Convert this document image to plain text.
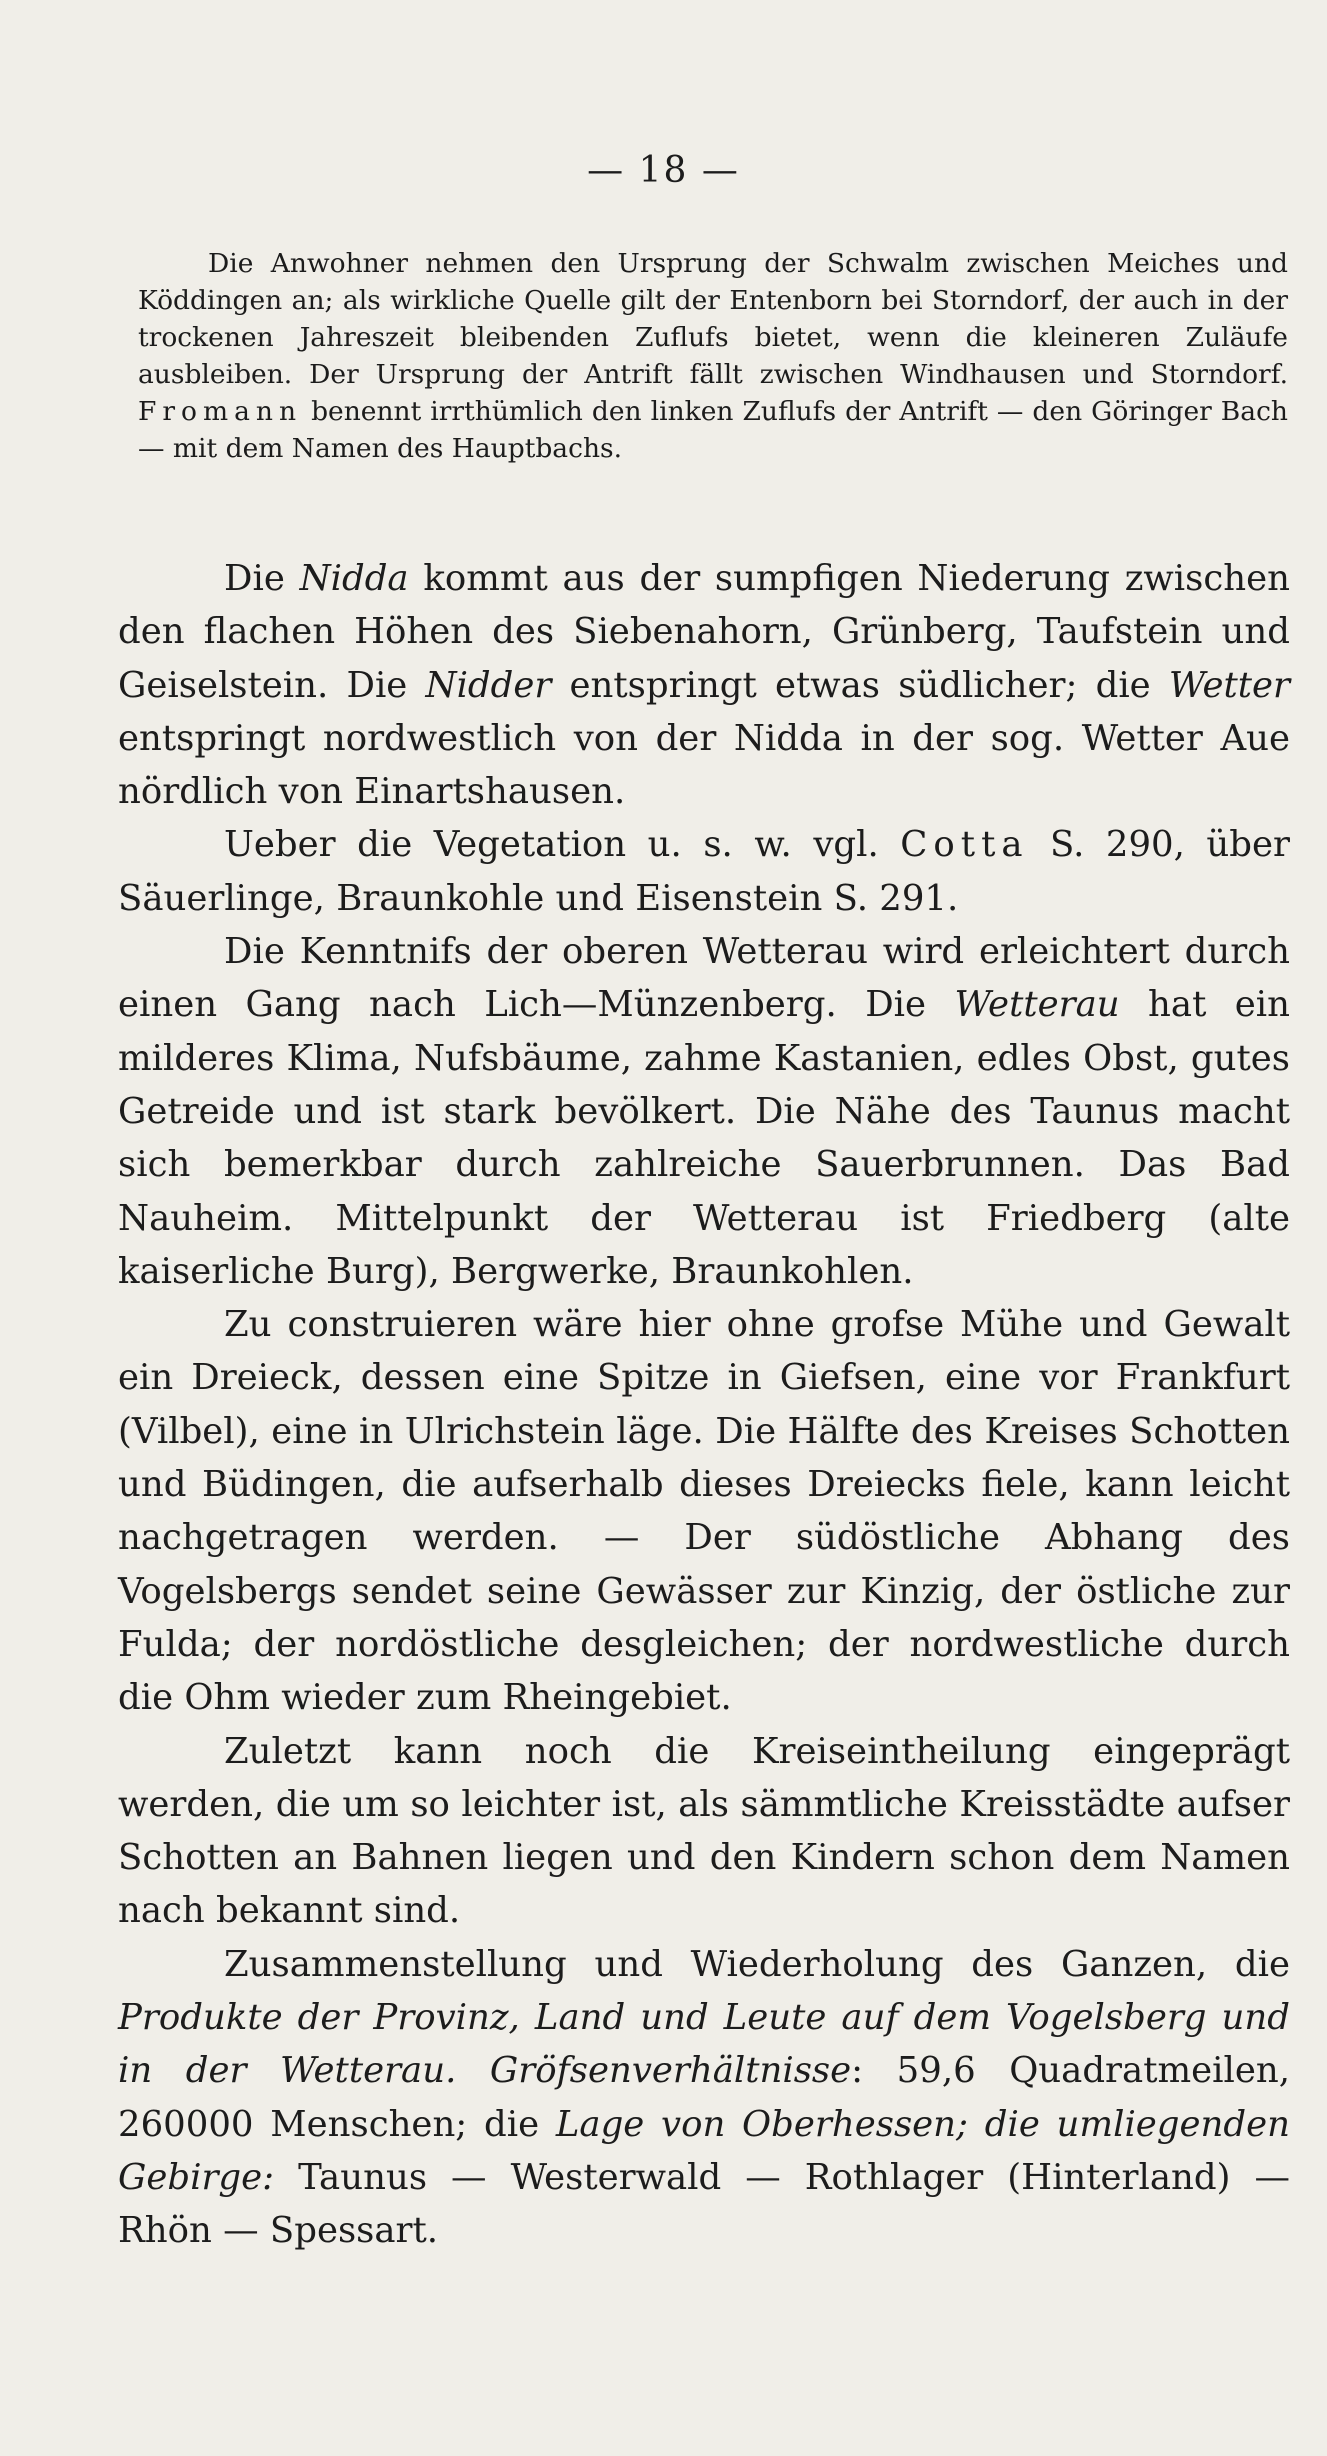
— 18 —

Die Anwohner nehmen den Ursprung der Schwalm zwischen Meiches und Köddingen an; als wirkliche Quelle gilt der Entenborn bei Storndorf, der auch in der trockenen Jahreszeit bleibenden Zuflufs bietet, wenn die kleineren Zuläufe ausbleiben. Der Ursprung der Antrift fällt zwischen Windhausen und Storndorf. Fromann benennt irrthümlich den linken Zuflufs der Antrift — den Göringer Bach — mit dem Namen des Hauptbachs.

Die Nidda kommt aus der sumpfigen Niederung zwischen den flachen Höhen des Siebenahorn, Grünberg, Taufstein und Geiselstein. Die Nidder entspringt etwas südlicher; die Wetter entspringt nordwestlich von der Nidda in der sog. Wetter Aue nördlich von Einartshausen.

Ueber die Vegetation u. s. w. vgl. Cotta S. 290, über Säuerlinge, Braunkohle und Eisenstein S. 291.

Die Kenntnifs der oberen Wetterau wird erleichtert durch einen Gang nach Lich—Münzenberg. Die Wetterau hat ein milderes Klima, Nufsbäume, zahme Kastanien, edles Obst, gutes Getreide und ist stark bevölkert. Die Nähe des Taunus macht sich bemerkbar durch zahlreiche Sauerbrunnen. Das Bad Nauheim. Mittelpunkt der Wetterau ist Friedberg (alte kaiserliche Burg), Bergwerke, Braunkohlen.

Zu construieren wäre hier ohne grofse Mühe und Gewalt ein Dreieck, dessen eine Spitze in Giefsen, eine vor Frankfurt (Vilbel), eine in Ulrichstein läge. Die Hälfte des Kreises Schotten und Büdingen, die aufserhalb dieses Dreiecks fiele, kann leicht nachgetragen werden. — Der südöstliche Abhang des Vogelsbergs sendet seine Gewässer zur Kinzig, der östliche zur Fulda; der nordöstliche desgleichen; der nordwestliche durch die Ohm wieder zum Rheingebiet.

Zuletzt kann noch die Kreiseintheilung eingeprägt werden, die um so leichter ist, als sämmtliche Kreisstädte aufser Schotten an Bahnen liegen und den Kindern schon dem Namen nach bekannt sind.

Zusammenstellung und Wiederholung des Ganzen, die Produkte der Provinz, Land und Leute auf dem Vogelsberg und in der Wetterau. Gröfsenverhältnisse: 59,6 Quadratmeilen, 260000 Menschen; die Lage von Oberhessen; die umliegenden Gebirge: Taunus — Westerwald — Rothlager (Hinterland) — Rhön — Spessart.
